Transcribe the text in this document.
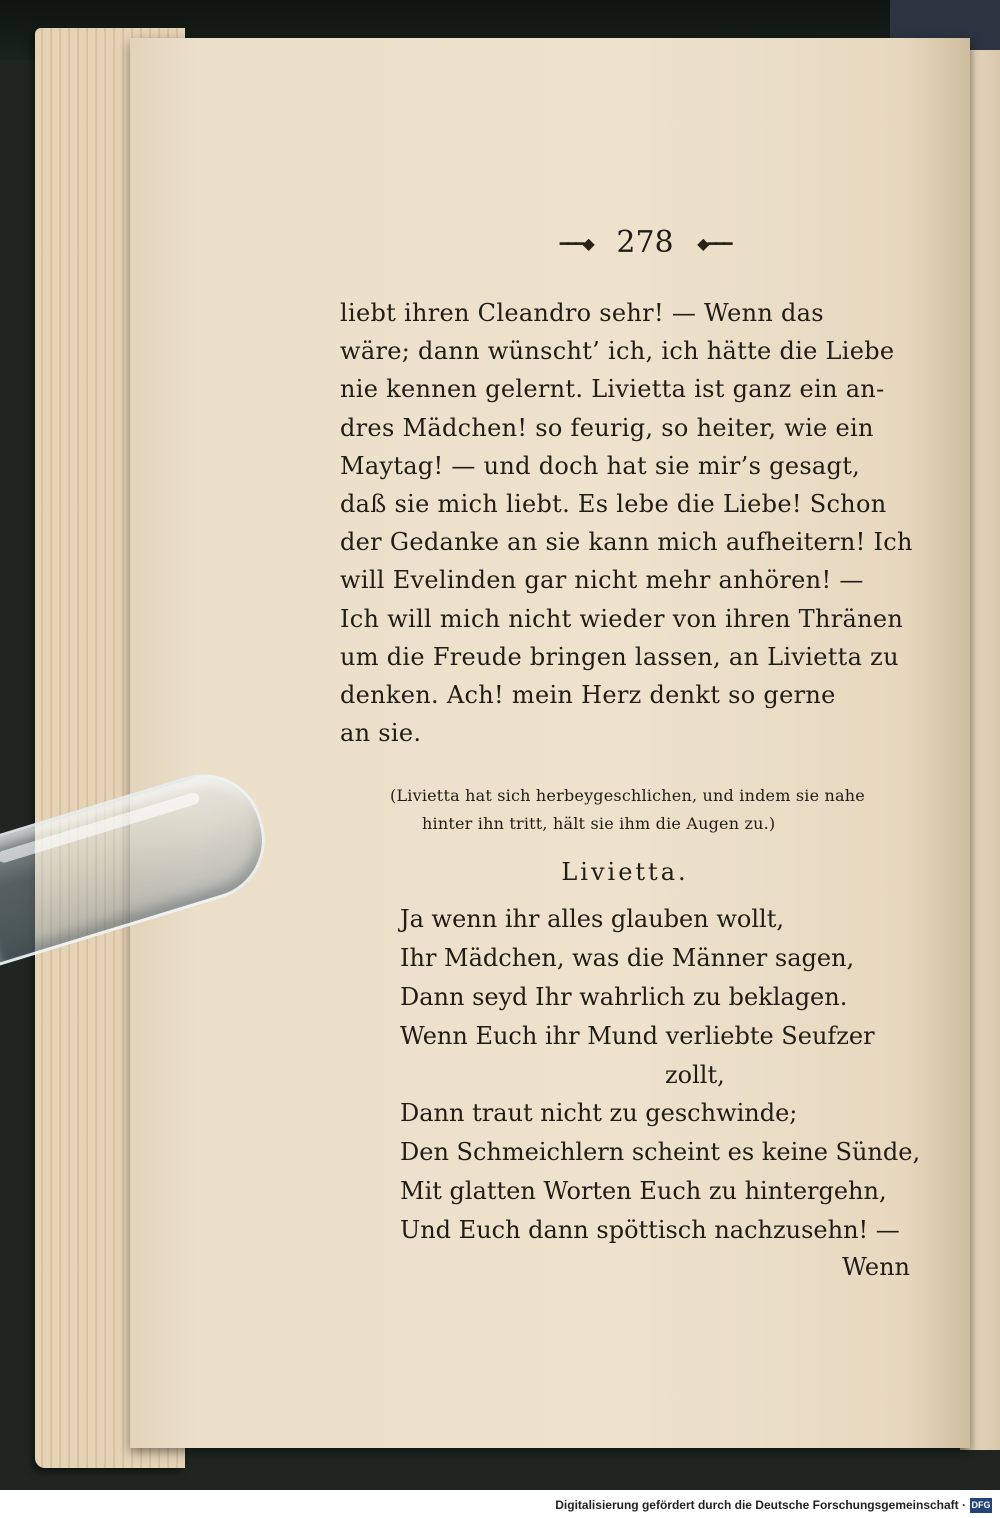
━━━◆ 278 ◆━━━
liebt ihren Cleandro sehr! — Wenn das
wäre; dann wünscht’ ich, ich hätte die Liebe
nie kennen gelernt. Livietta ist ganz ein an-
dres Mädchen! so feurig, so heiter, wie ein
Maytag! — und doch hat sie mir’s gesagt,
daß sie mich liebt. Es lebe die Liebe! Schon
der Gedanke an sie kann mich aufheitern! Ich
will Evelinden gar nicht mehr anhören! —
Ich will mich nicht wieder von ihren Thränen
um die Freude bringen lassen, an Livietta zu
denken. Ach! mein Herz denkt so gerne
an sie.
(Livietta hat sich herbeygeschlichen, und indem sie nahe
hinter ihn tritt, hält sie ihm die Augen zu.)
Livietta.
Ja wenn ihr alles glauben wollt,
Ihr Mädchen, was die Männer sagen,
Dann seyd Ihr wahrlich zu beklagen.
Wenn Euch ihr Mund verliebte Seufzer
zollt,
Dann traut nicht zu geschwinde;
Den Schmeichlern scheint es keine Sünde,
Mit glatten Worten Euch zu hintergehn,
Und Euch dann spöttisch nachzusehn! —
Wenn
Digitalisierung gefördert durch die Deutsche Forschungsgemeinschaft · DFG
